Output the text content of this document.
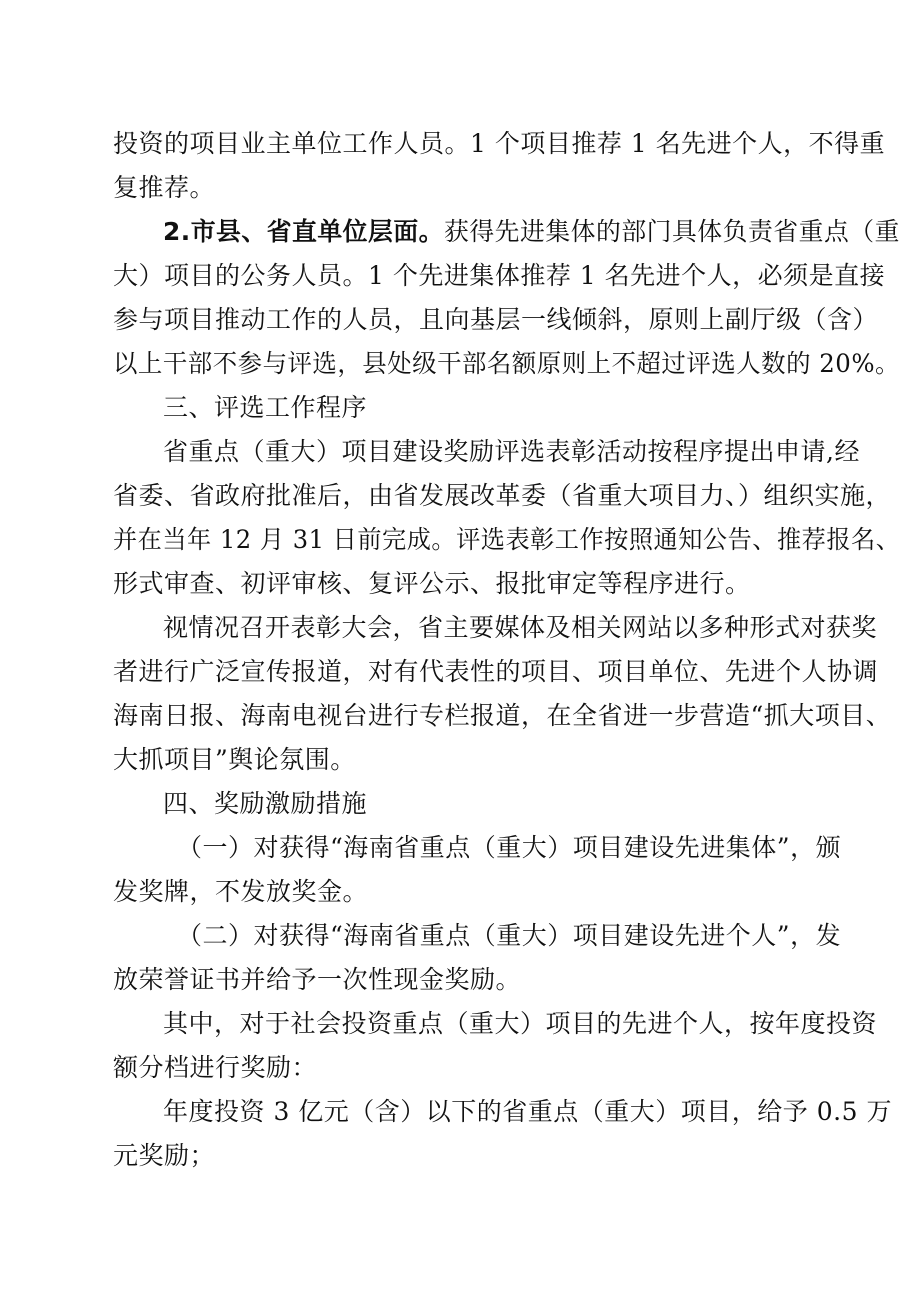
投资的项目业主单位工作人员。1 个项目推荐 1 名先进个人，不得重
复推荐。
2.市县、省直单位层面。获得先进集体的部门具体负责省重点（重
大）项目的公务人员。1 个先进集体推荐 1 名先进个人，必须是直接
参与项目推动工作的人员，且向基层一线倾斜，原则上副厅级（含）
以上干部不参与评选，县处级干部名额原则上不超过评选人数的 20%。
三、评选工作程序
省重点（重大）项目建设奖励评选表彰活动按程序提出申请,经
省委、省政府批准后，由省发展改革委（省重大项目力、）组织实施，
并在当年 12 月 31 日前完成。评选表彰工作按照通知公告、推荐报名、
形式审查、初评审核、复评公示、报批审定等程序进行。
视情况召开表彰大会，省主要媒体及相关网站以多种形式对获奖
者进行广泛宣传报道，对有代表性的项目、项目单位、先进个人协调
海南日报、海南电视台进行专栏报道，在全省进一步营造“抓大项目、
大抓项目”舆论氛围。
四、奖励激励措施
（一）对获得“海南省重点（重大）项目建设先进集体”，颁
发奖牌，不发放奖金。
（二）对获得“海南省重点（重大）项目建设先进个人”，发
放荣誉证书并给予一次性现金奖励。
其中，对于社会投资重点（重大）项目的先进个人，按年度投资
额分档进行奖励：
年度投资 3 亿元（含）以下的省重点（重大）项目，给予 0.5 万
元奖励；
